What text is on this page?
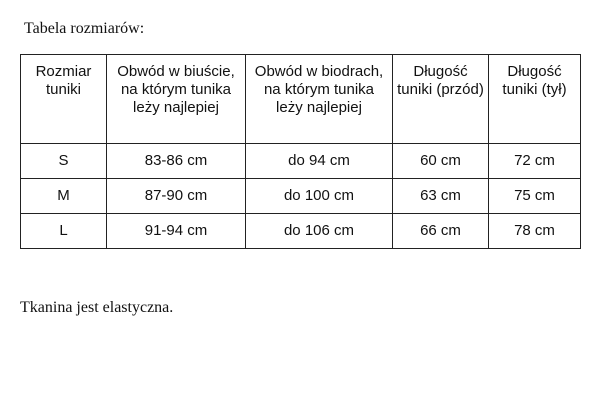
Tabela rozmiarów:

Rozmiar tuniki	Obwód w biuście, na którym tunika leży najlepiej	Obwód w biodrach, na którym tunika leży najlepiej	Długość tuniki (przód)	Długość tuniki (tył)
S	83-86 cm	do 94 cm	60 cm	72 cm
M	87-90 cm	do 100 cm	63 cm	75 cm
L	91-94 cm	do 106 cm	66 cm	78 cm

Tkanina jest elastyczna.
